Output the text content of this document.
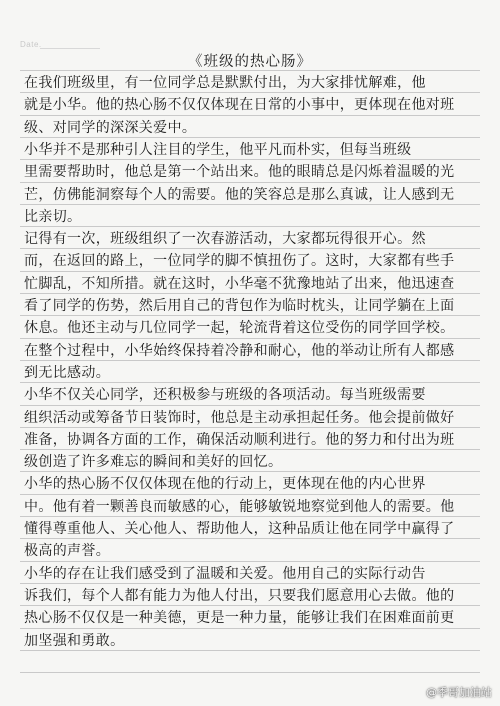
Date.
《班级的热心肠》
在我们班级里，有一位同学总是默默付出，为大家排忧解难，他
就是小华。他的热心肠不仅仅体现在日常的小事中，更体现在他对班
级、对同学的深深关爱中。
小华并不是那种引人注目的学生，他平凡而朴实，但每当班级
里需要帮助时，他总是第一个站出来。他的眼睛总是闪烁着温暖的光
芒，仿佛能洞察每个人的需要。他的笑容总是那么真诚，让人感到无
比亲切。
记得有一次，班级组织了一次春游活动，大家都玩得很开心。然
而，在返回的路上，一位同学的脚不慎扭伤了。这时，大家都有些手
忙脚乱，不知所措。就在这时，小华毫不犹豫地站了出来，他迅速查
看了同学的伤势，然后用自己的背包作为临时枕头，让同学躺在上面
休息。他还主动与几位同学一起，轮流背着这位受伤的同学回学校。
在整个过程中，小华始终保持着冷静和耐心，他的举动让所有人都感
到无比感动。
小华不仅关心同学，还积极参与班级的各项活动。每当班级需要
组织活动或筹备节日装饰时，他总是主动承担起任务。他会提前做好
准备，协调各方面的工作，确保活动顺利进行。他的努力和付出为班
级创造了许多难忘的瞬间和美好的回忆。
小华的热心肠不仅仅体现在他的行动上，更体现在他的内心世界
中。他有着一颗善良而敏感的心，能够敏锐地察觉到他人的需要。他
懂得尊重他人、关心他人、帮助他人，这种品质让他在同学中赢得了
极高的声誉。
小华的存在让我们感受到了温暖和关爱。他用自己的实际行动告
诉我们，每个人都有能力为他人付出，只要我们愿意用心去做。他的
热心肠不仅仅是一种美德，更是一种力量，能够让我们在困难面前更
加坚强和勇敢。
@季哥加油站
